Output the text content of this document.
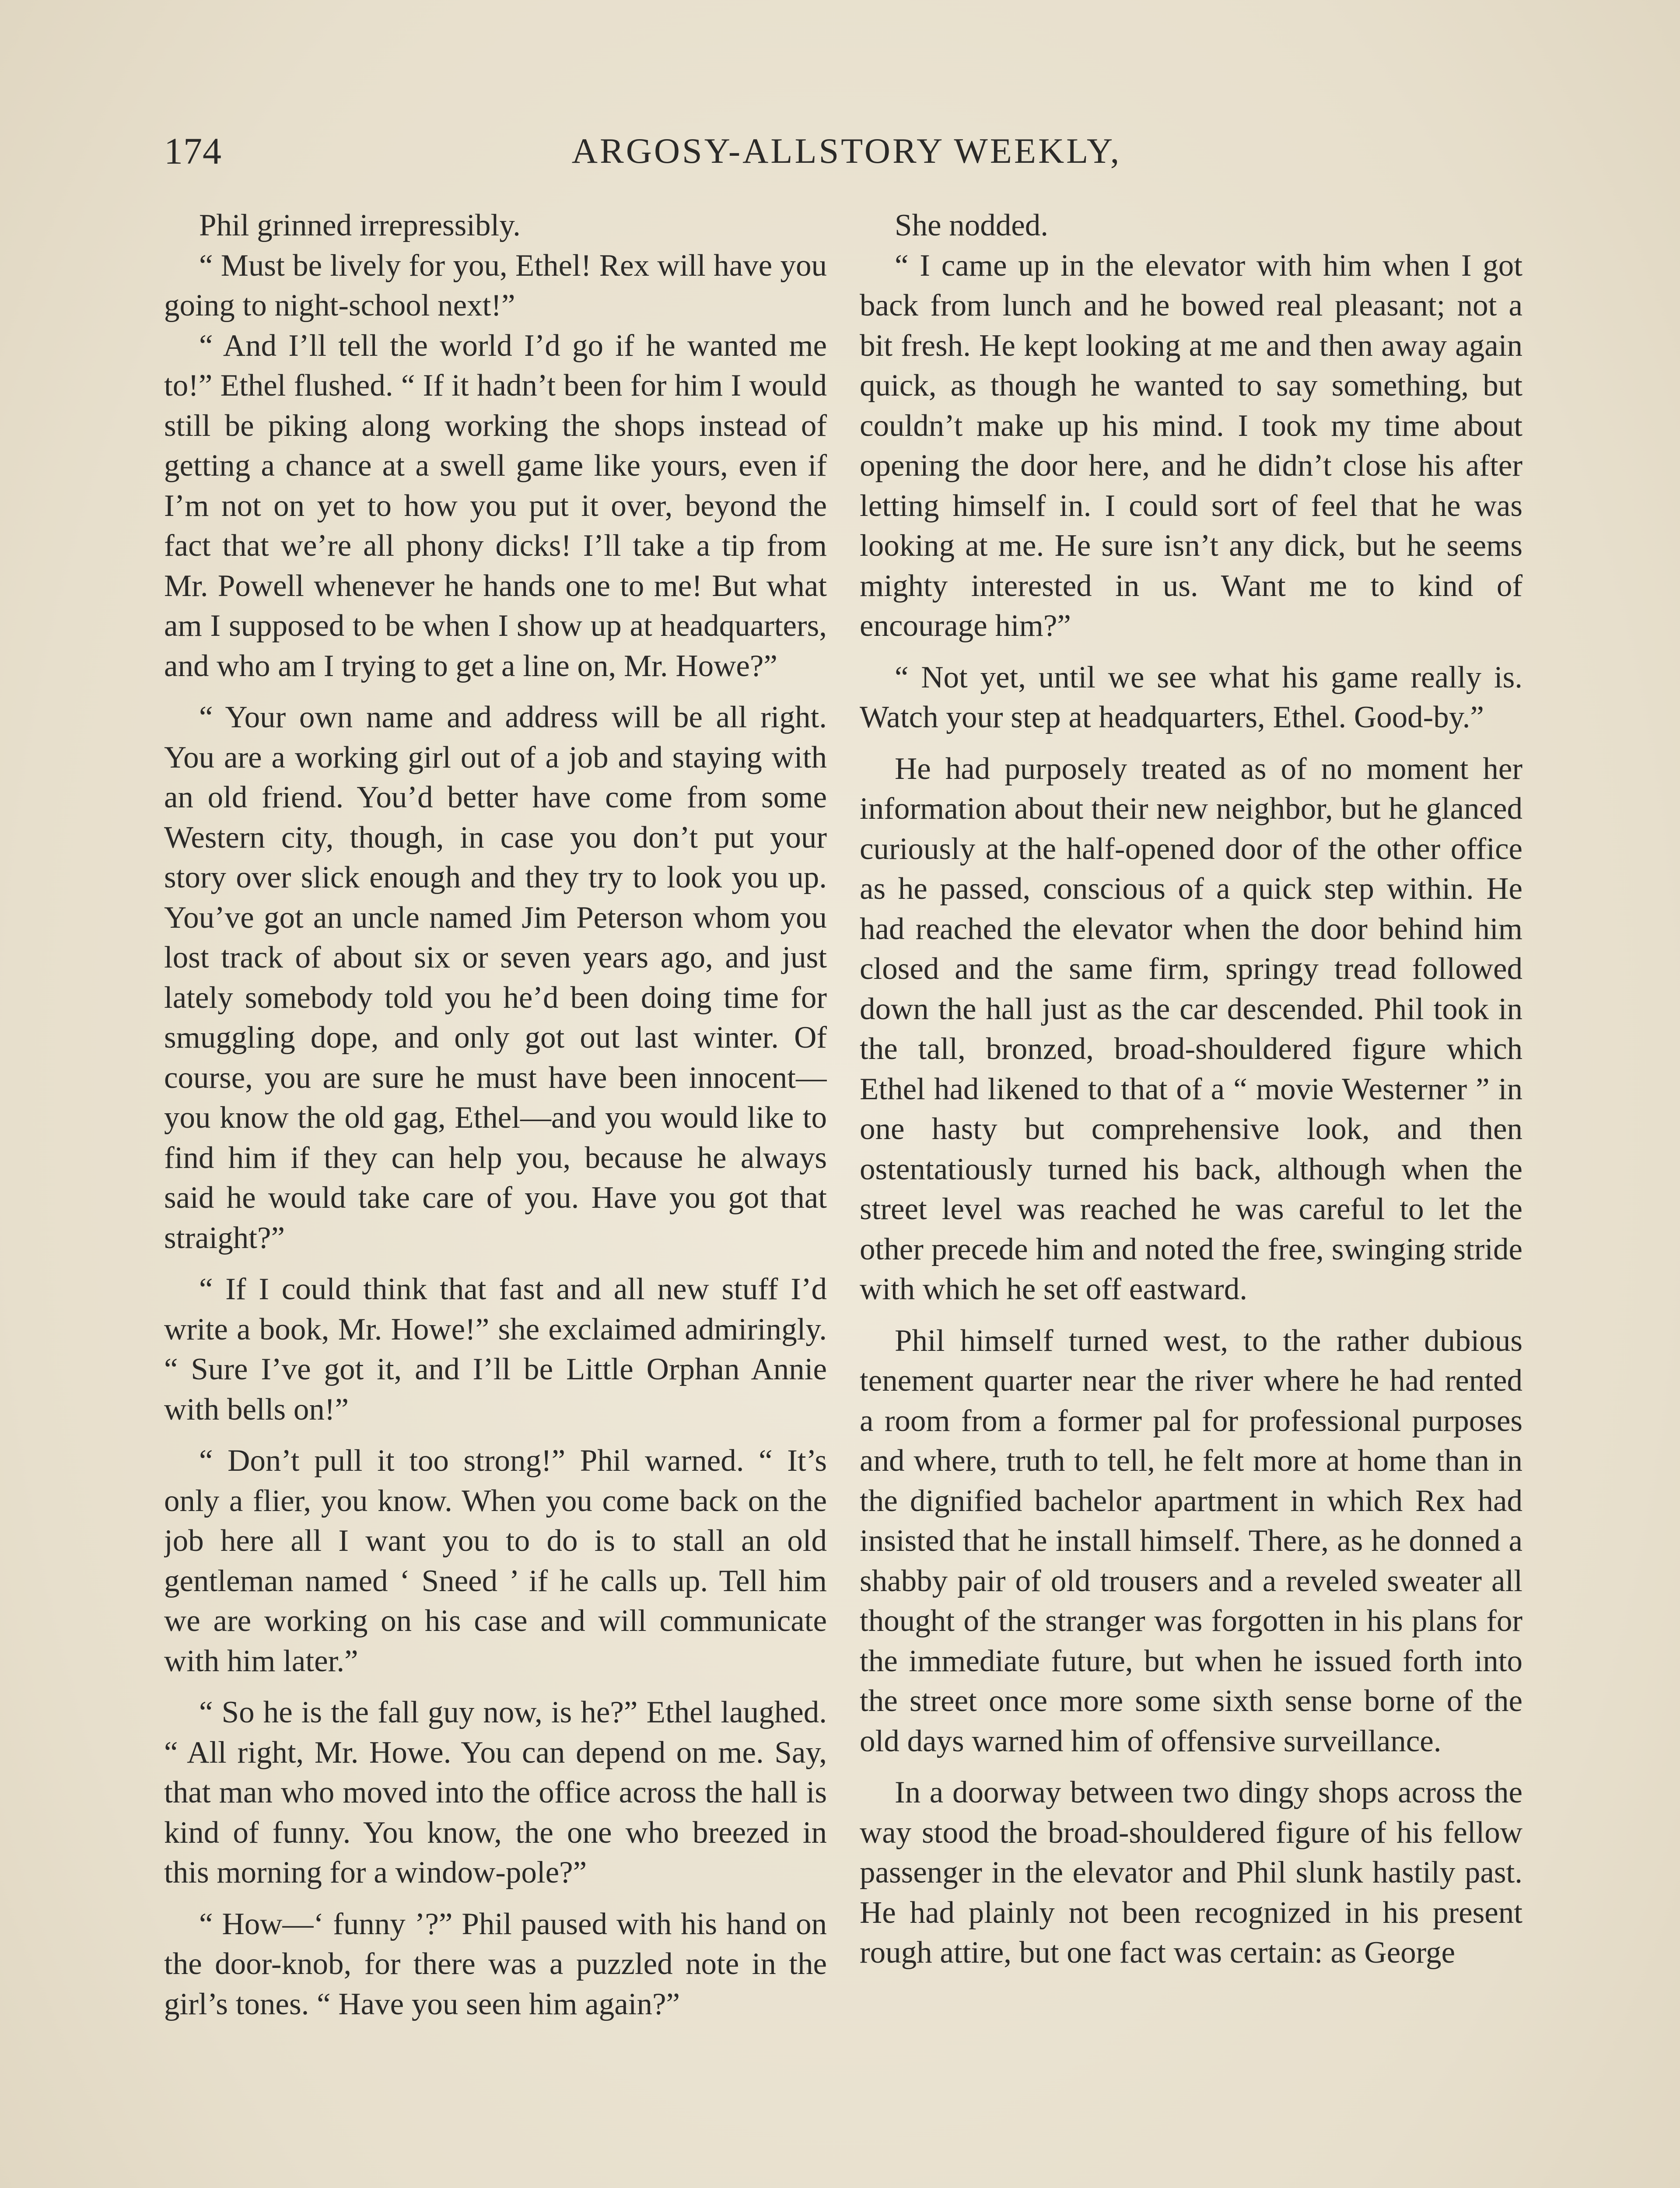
174	ARGOSY-ALLSTORY WEEKLY,

Phil grinned irrepressibly.

“ Must be lively for you, Ethel! Rex will have you going to night-school next!”

“ And I’ll tell the world I’d go if he wanted me to!” Ethel flushed. “ If it hadn’t been for him I would still be piking along working the shops instead of getting a chance at a swell game like yours, even if I’m not on yet to how you put it over, beyond the fact that we’re all phony dicks! I’ll take a tip from Mr. Powell whenever he hands one to me! But what am I supposed to be when I show up at headquarters, and who am I trying to get a line on, Mr. Howe?”

“ Your own name and address will be all right. You are a working girl out of a job and staying with an old friend. You’d better have come from some Western city, though, in case you don’t put your story over slick enough and they try to look you up. You’ve got an uncle named Jim Peterson whom you lost track of about six or seven years ago, and just lately somebody told you he’d been doing time for smuggling dope, and only got out last winter. Of course, you are sure he must have been innocent—you know the old gag, Ethel—and you would like to find him if they can help you, because he always said he would take care of you. Have you got that straight?”

“ If I could think that fast and all new stuff I’d write a book, Mr. Howe!” she exclaimed admiringly. “ Sure I’ve got it, and I’ll be Little Orphan Annie with bells on!”

“ Don’t pull it too strong!” Phil warned. “ It’s only a flier, you know. When you come back on the job here all I want you to do is to stall an old gentleman named ‘ Sneed ’ if he calls up. Tell him we are working on his case and will communicate with him later.”

“ So he is the fall guy now, is he?” Ethel laughed. “ All right, Mr. Howe. You can depend on me. Say, that man who moved into the office across the hall is kind of funny. You know, the one who breezed in this morning for a window-pole?”

“ How—‘ funny ’?” Phil paused with his hand on the door-knob, for there was a puzzled note in the girl’s tones. “ Have you seen him again?”

She nodded.

“ I came up in the elevator with him when I got back from lunch and he bowed real pleasant; not a bit fresh. He kept looking at me and then away again quick, as though he wanted to say something, but couldn’t make up his mind. I took my time about opening the door here, and he didn’t close his after letting himself in. I could sort of feel that he was looking at me. He sure isn’t any dick, but he seems mighty interested in us. Want me to kind of encourage him?”

“ Not yet, until we see what his game really is. Watch your step at headquarters, Ethel. Good-by.”

He had purposely treated as of no moment her information about their new neighbor, but he glanced curiously at the half-opened door of the other office as he passed, conscious of a quick step within. He had reached the elevator when the door behind him closed and the same firm, springy tread followed down the hall just as the car descended. Phil took in the tall, bronzed, broad-shouldered figure which Ethel had likened to that of a “ movie Westerner ” in one hasty but comprehensive look, and then ostentatiously turned his back, although when the street level was reached he was careful to let the other precede him and noted the free, swinging stride with which he set off eastward.

Phil himself turned west, to the rather dubious tenement quarter near the river where he had rented a room from a former pal for professional purposes and where, truth to tell, he felt more at home than in the dignified bachelor apartment in which Rex had insisted that he install himself. There, as he donned a shabby pair of old trousers and a reveled sweater all thought of the stranger was forgotten in his plans for the immediate future, but when he issued forth into the street once more some sixth sense borne of the old days warned him of offensive surveillance.

In a doorway between two dingy shops across the way stood the broad-shouldered figure of his fellow passenger in the elevator and Phil slunk hastily past. He had plainly not been recognized in his present rough attire, but one fact was certain: as George
